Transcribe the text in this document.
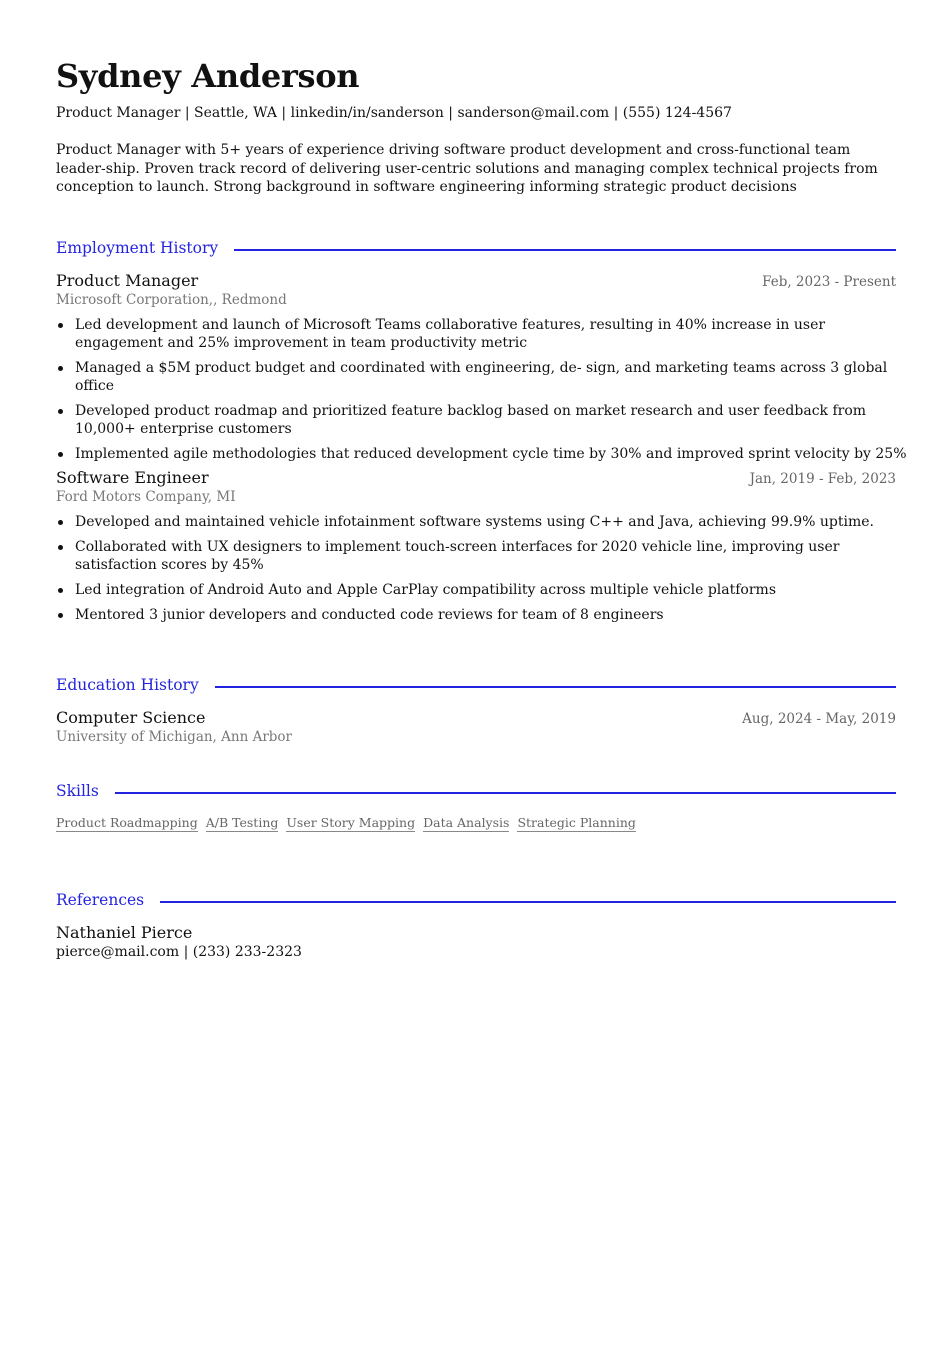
Sydney Anderson
Product Manager | Seattle, WA | linkedin/in/sanderson | sanderson@mail.com | (555) 124-4567
Product Manager with 5+ years of experience driving software product development and cross-functional team leader-ship. Proven track record of delivering user-centric solutions and managing complex technical projects from conception to launch. Strong background in software engineering informing strategic product decisions
Employment History
Product Manager	Feb, 2023 - Present
Microsoft Corporation,, Redmond
Led development and launch of Microsoft Teams collaborative features, resulting in 40% increase in user engagement and 25% improvement in team productivity metric
Managed a $5M product budget and coordinated with engineering, de- sign, and marketing teams across 3 global office
Developed product roadmap and prioritized feature backlog based on market research and user feedback from 10,000+ enterprise customers
Implemented agile methodologies that reduced development cycle time by 30% and improved sprint velocity by 25%
Software Engineer	Jan, 2019 - Feb, 2023
Ford Motors Company, MI
Developed and maintained vehicle infotainment software systems using C++ and Java, achieving 99.9% uptime.
Collaborated with UX designers to implement touch-screen interfaces for 2020 vehicle line, improving user satisfaction scores by 45%
Led integration of Android Auto and Apple CarPlay compatibility across multiple vehicle platforms
Mentored 3 junior developers and conducted code reviews for team of 8 engineers
Education History
Computer Science	Aug, 2024 - May, 2019
University of Michigan, Ann Arbor
Skills
Product Roadmapping A/B Testing User Story Mapping Data Analysis Strategic Planning
References
Nathaniel Pierce
pierce@mail.com | (233) 233-2323
